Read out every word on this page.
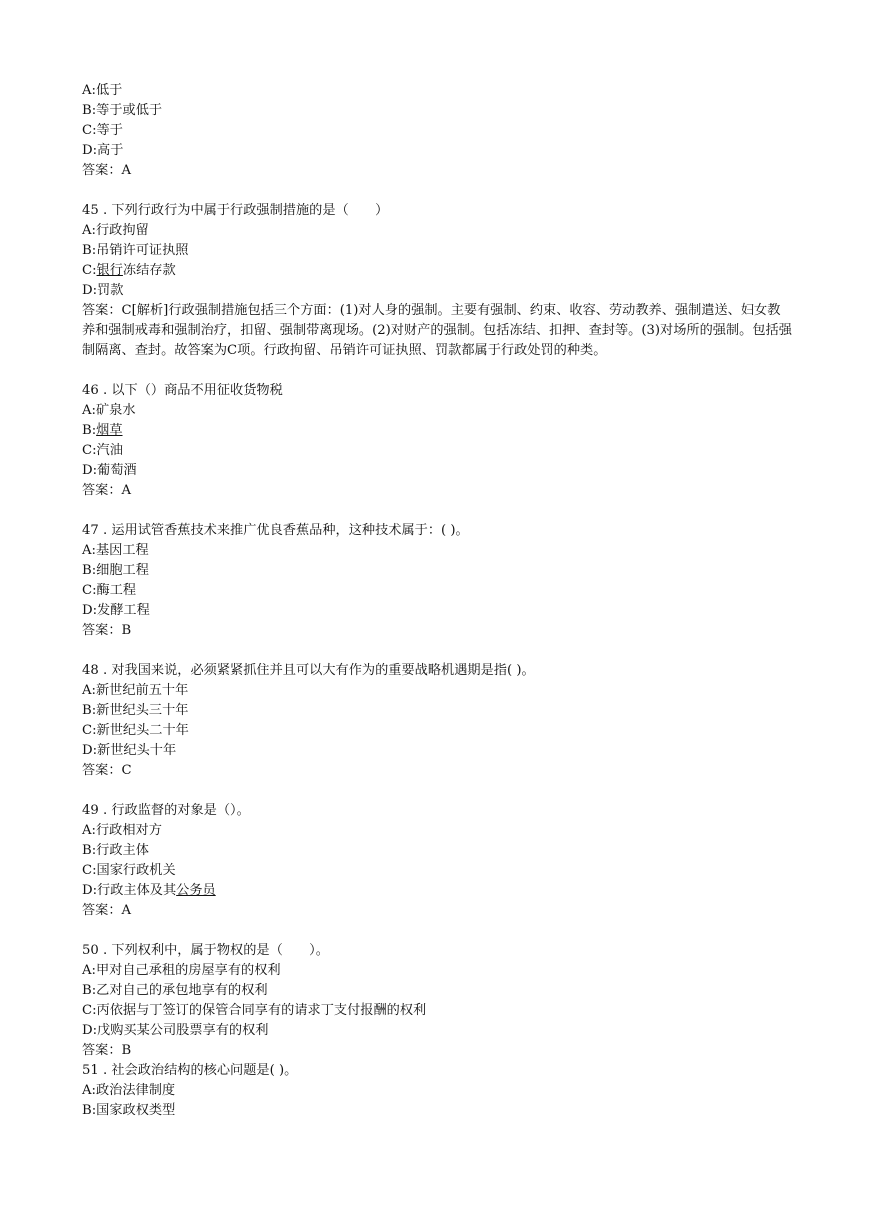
A:低于
B:等于或低于
C:等于
D:高于
答案：A
45 . 下列行政行为中属于行政强制措施的是（　　）
A:行政拘留
B:吊销许可证执照
C:银行冻结存款
D:罚款
答案：C[解析]行政强制措施包括三个方面：(1)对人身的强制。主要有强制、约束、收容、劳动教养、强制遣送、妇女教养和强制戒毒和强制治疗，扣留、强制带离现场。(2)对财产的强制。包括冻结、扣押、查封等。(3)对场所的强制。包括强制隔离、查封。故答案为C项。行政拘留、吊销许可证执照、罚款都属于行政处罚的种类。
46 . 以下（）商品不用征收货物税
A:矿泉水
B:烟草
C:汽油
D:葡萄酒
答案：A
47 . 运用试管香蕉技术来推广优良香蕉品种，这种技术属于：( )。
A:基因工程
B:细胞工程
C:酶工程
D:发酵工程
答案：B
48 . 对我国来说，必须紧紧抓住并且可以大有作为的重要战略机遇期是指( )。
A:新世纪前五十年
B:新世纪头三十年
C:新世纪头二十年
D:新世纪头十年
答案：C
49 . 行政监督的对象是（）。
A:行政相对方
B:行政主体
C:国家行政机关
D:行政主体及其公务员
答案：A
50 . 下列权利中，属于物权的是（　　）。
A:甲对自己承租的房屋享有的权利
B:乙对自己的承包地享有的权利
C:丙依据与丁签订的保管合同享有的请求丁支付报酬的权利
D:戊购买某公司股票享有的权利
答案：B
51 . 社会政治结构的核心问题是( )。
A:政治法律制度
B:国家政权类型
